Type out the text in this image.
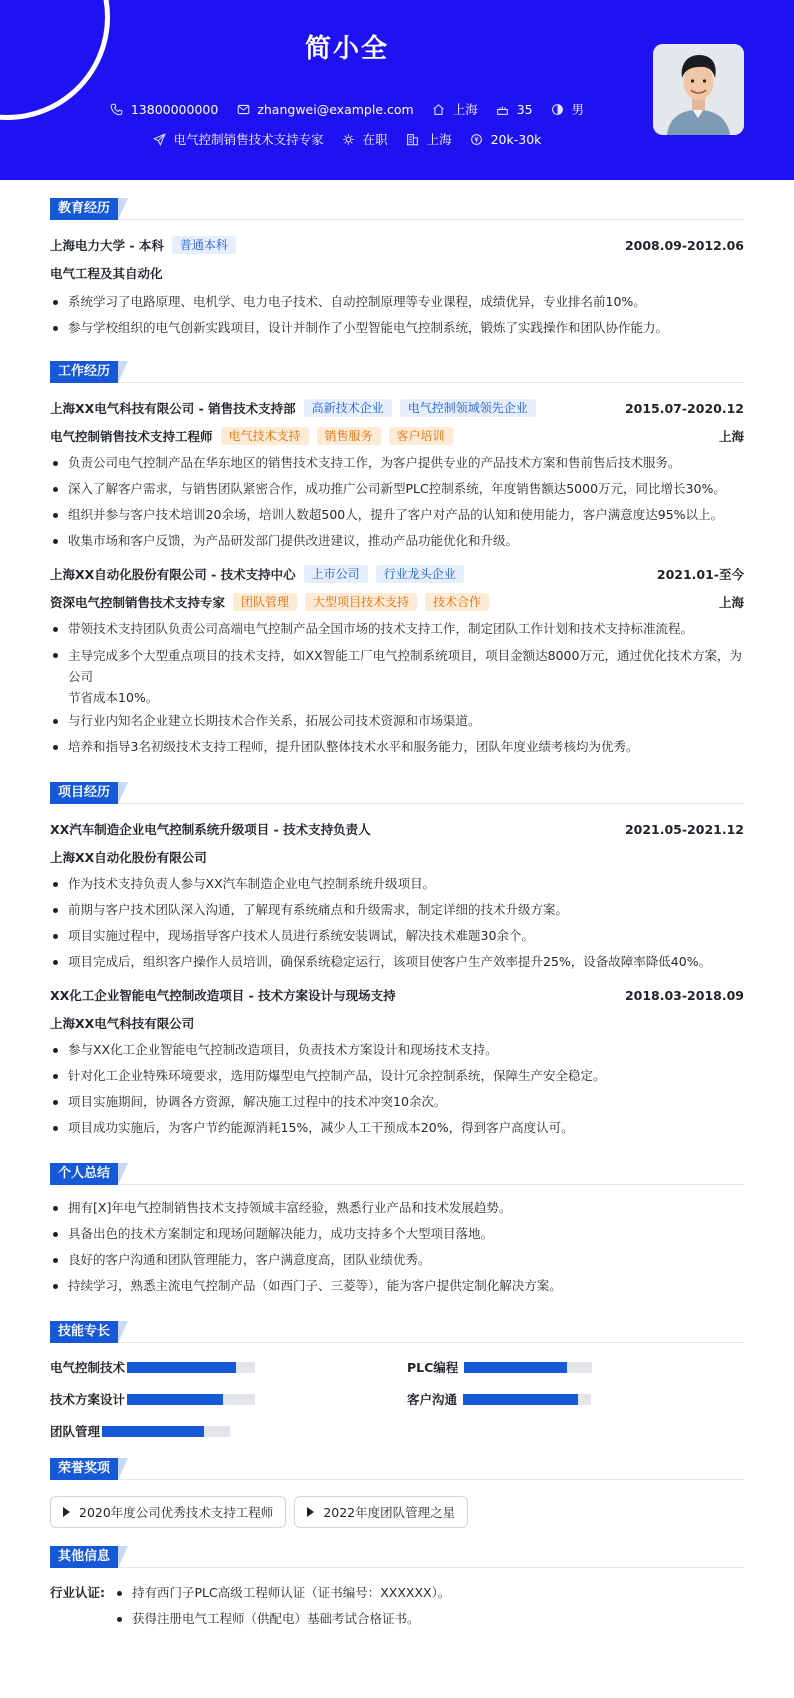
简小全
13800000000	zhangwei@example.com	上海	35	男
电气控制销售技术支持专家	在职	上海	20k-30k
教育经历
上海电力大学 - 本科	普通本科	2008.09-2012.06
电气工程及其自动化
系统学习了电路原理、电机学、电力电子技术、自动控制原理等专业课程，成绩优异，专业排名前10%。
参与学校组织的电气创新实践项目，设计并制作了小型智能电气控制系统，锻炼了实践操作和团队协作能力。
工作经历
上海XX电气科技有限公司 - 销售技术支持部	高新技术企业	电气控制领域领先企业	2015.07-2020.12
电气控制销售技术支持工程师	电气技术支持	销售服务	客户培训	上海
负责公司电气控制产品在华东地区的销售技术支持工作，为客户提供专业的产品技术方案和售前售后技术服务。
深入了解客户需求，与销售团队紧密合作，成功推广公司新型PLC控制系统，年度销售额达5000万元，同比增长30%。
组织并参与客户技术培训20余场，培训人数超500人，提升了客户对产品的认知和使用能力，客户满意度达95%以上。
收集市场和客户反馈，为产品研发部门提供改进建议，推动产品功能优化和升级。
上海XX自动化股份有限公司 - 技术支持中心	上市公司	行业龙头企业	2021.01-至今
资深电气控制销售技术支持专家	团队管理	大型项目技术支持	技术合作	上海
带领技术支持团队负责公司高端电气控制产品全国市场的技术支持工作，制定团队工作计划和技术支持标准流程。
主导完成多个大型重点项目的技术支持，如XX智能工厂电气控制系统项目，项目金额达8000万元，通过优化技术方案，为公司
节省成本10%。
与行业内知名企业建立长期技术合作关系，拓展公司技术资源和市场渠道。
培养和指导3名初级技术支持工程师，提升团队整体技术水平和服务能力，团队年度业绩考核均为优秀。
项目经历
XX汽车制造企业电气控制系统升级项目 - 技术支持负责人	2021.05-2021.12
上海XX自动化股份有限公司
作为技术支持负责人参与XX汽车制造企业电气控制系统升级项目。
前期与客户技术团队深入沟通，了解现有系统痛点和升级需求，制定详细的技术升级方案。
项目实施过程中，现场指导客户技术人员进行系统安装调试，解决技术难题30余个。
项目完成后，组织客户操作人员培训，确保系统稳定运行，该项目使客户生产效率提升25%，设备故障率降低40%。
XX化工企业智能电气控制改造项目 - 技术方案设计与现场支持	2018.03-2018.09
上海XX电气科技有限公司
参与XX化工企业智能电气控制改造项目，负责技术方案设计和现场技术支持。
针对化工企业特殊环境要求，选用防爆型电气控制产品，设计冗余控制系统，保障生产安全稳定。
项目实施期间，协调各方资源，解决施工过程中的技术冲突10余次。
项目成功实施后，为客户节约能源消耗15%，减少人工干预成本20%，得到客户高度认可。
个人总结
拥有[X]年电气控制销售技术支持领域丰富经验，熟悉行业产品和技术发展趋势。
具备出色的技术方案制定和现场问题解决能力，成功支持多个大型项目落地。
良好的客户沟通和团队管理能力，客户满意度高，团队业绩优秀。
持续学习，熟悉主流电气控制产品（如西门子、三菱等），能为客户提供定制化解决方案。
技能专长
电气控制技术	PLC编程
技术方案设计	客户沟通
团队管理
荣誉奖项
2020年度公司优秀技术支持工程师	2022年度团队管理之星
其他信息
行业认证:	持有西门子PLC高级工程师认证（证书编号：XXXXXX）。
获得注册电气工程师（供配电）基础考试合格证书。
